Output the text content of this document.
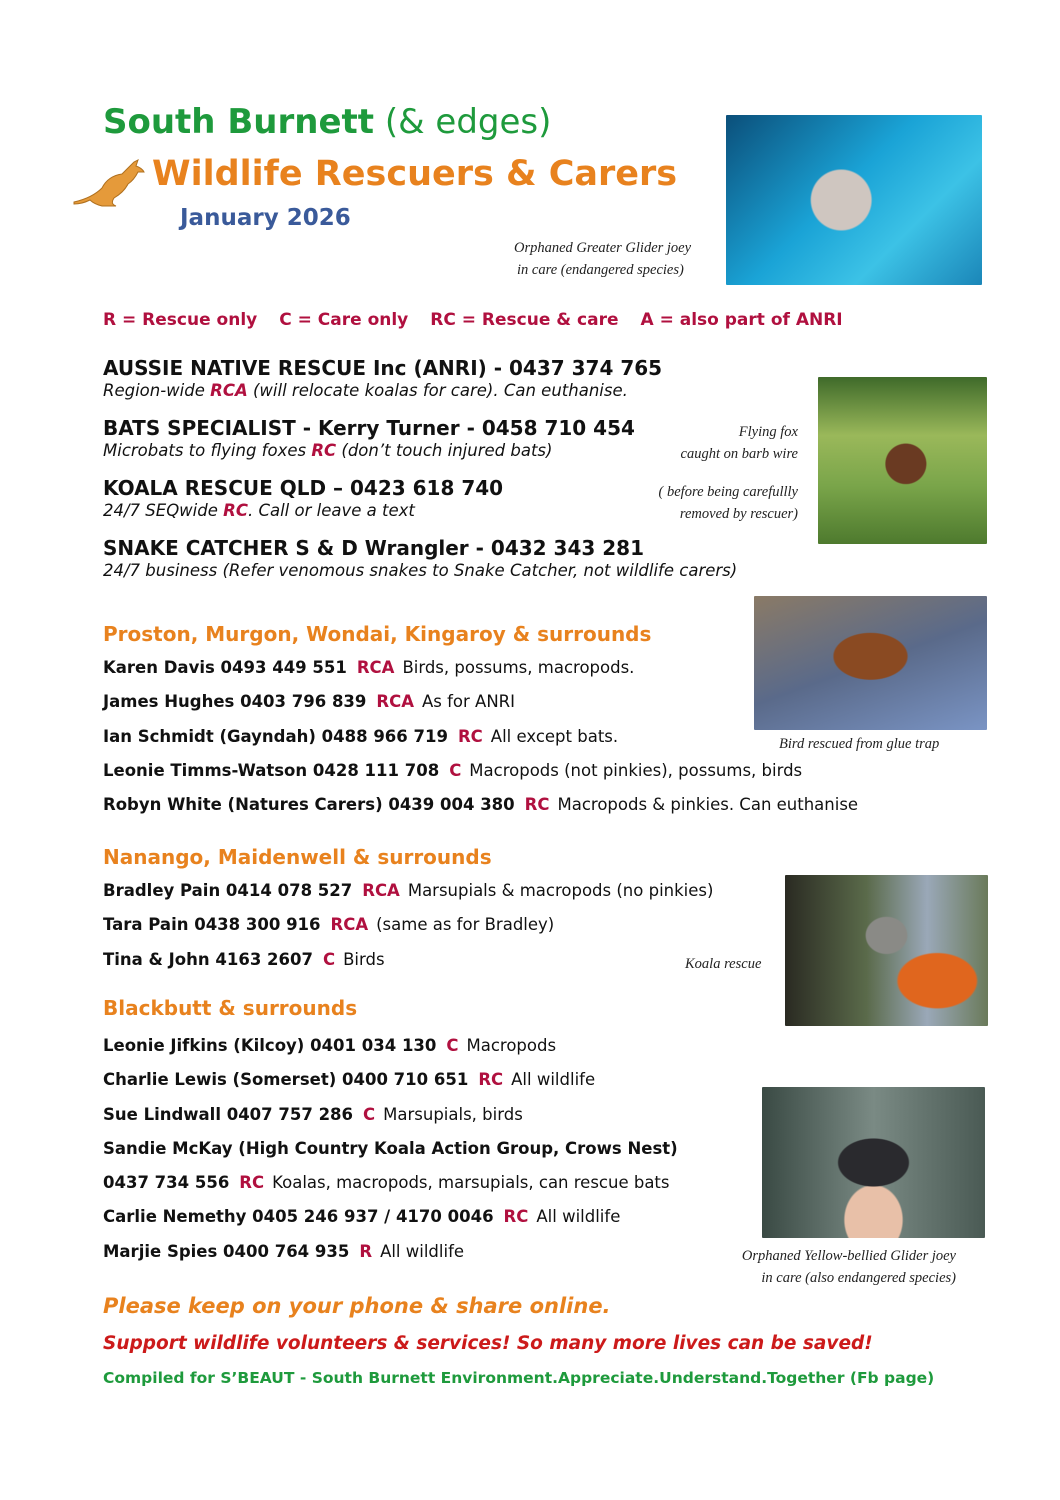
South Burnett (& edges)
Wildlife Rescuers & Carers
January 2026
Orphaned Greater Glider joey
in care (endangered species)
R = Rescue only C = Care only RC = Rescue & care A = also part of ANRI
AUSSIE NATIVE RESCUE Inc (ANRI) - 0437 374 765
Region-wide RCA (will relocate koalas for care). Can euthanise.
BATS SPECIALIST - Kerry Turner - 0458 710 454
Microbats to flying foxes RC (don’t touch injured bats)
KOALA RESCUE QLD – 0423 618 740
24/7 SEQwide RC. Call or leave a text
SNAKE CATCHER S & D Wrangler - 0432 343 281
24/7 business (Refer venomous snakes to Snake Catcher, not wildlife carers)
Flying fox
caught on barb wire
( before being carefullly
removed by rescuer)
Proston, Murgon, Wondai, Kingaroy & surrounds
Karen Davis 0493 449 551 RCA Birds, possums, macropods.
James Hughes 0403 796 839 RCA As for ANRI
Ian Schmidt (Gayndah) 0488 966 719 RC All except bats.
Leonie Timms-Watson 0428 111 708 C Macropods (not pinkies), possums, birds
Robyn White (Natures Carers) 0439 004 380 RC Macropods & pinkies. Can euthanise
Bird rescued from glue trap
Nanango, Maidenwell & surrounds
Bradley Pain 0414 078 527 RCA Marsupials & macropods (no pinkies)
Tara Pain 0438 300 916 RCA (same as for Bradley)
Tina & John 4163 2607 C Birds	Koala rescue
Blackbutt & surrounds
Leonie Jifkins (Kilcoy) 0401 034 130 C Macropods
Charlie Lewis (Somerset) 0400 710 651 RC All wildlife
Sue Lindwall 0407 757 286 C Marsupials, birds
Sandie McKay (High Country Koala Action Group, Crows Nest)
0437 734 556 RC Koalas, macropods, marsupials, can rescue bats
Carlie Nemethy 0405 246 937 / 4170 0046 RC All wildlife
Marjie Spies 0400 764 935 R All wildlife	Orphaned Yellow-bellied Glider joey
in care (also endangered species)
Please keep on your phone & share online.
Support wildlife volunteers & services! So many more lives can be saved!
Compiled for S’BEAUT - South Burnett Environment.Appreciate.Understand.Together (Fb page)
